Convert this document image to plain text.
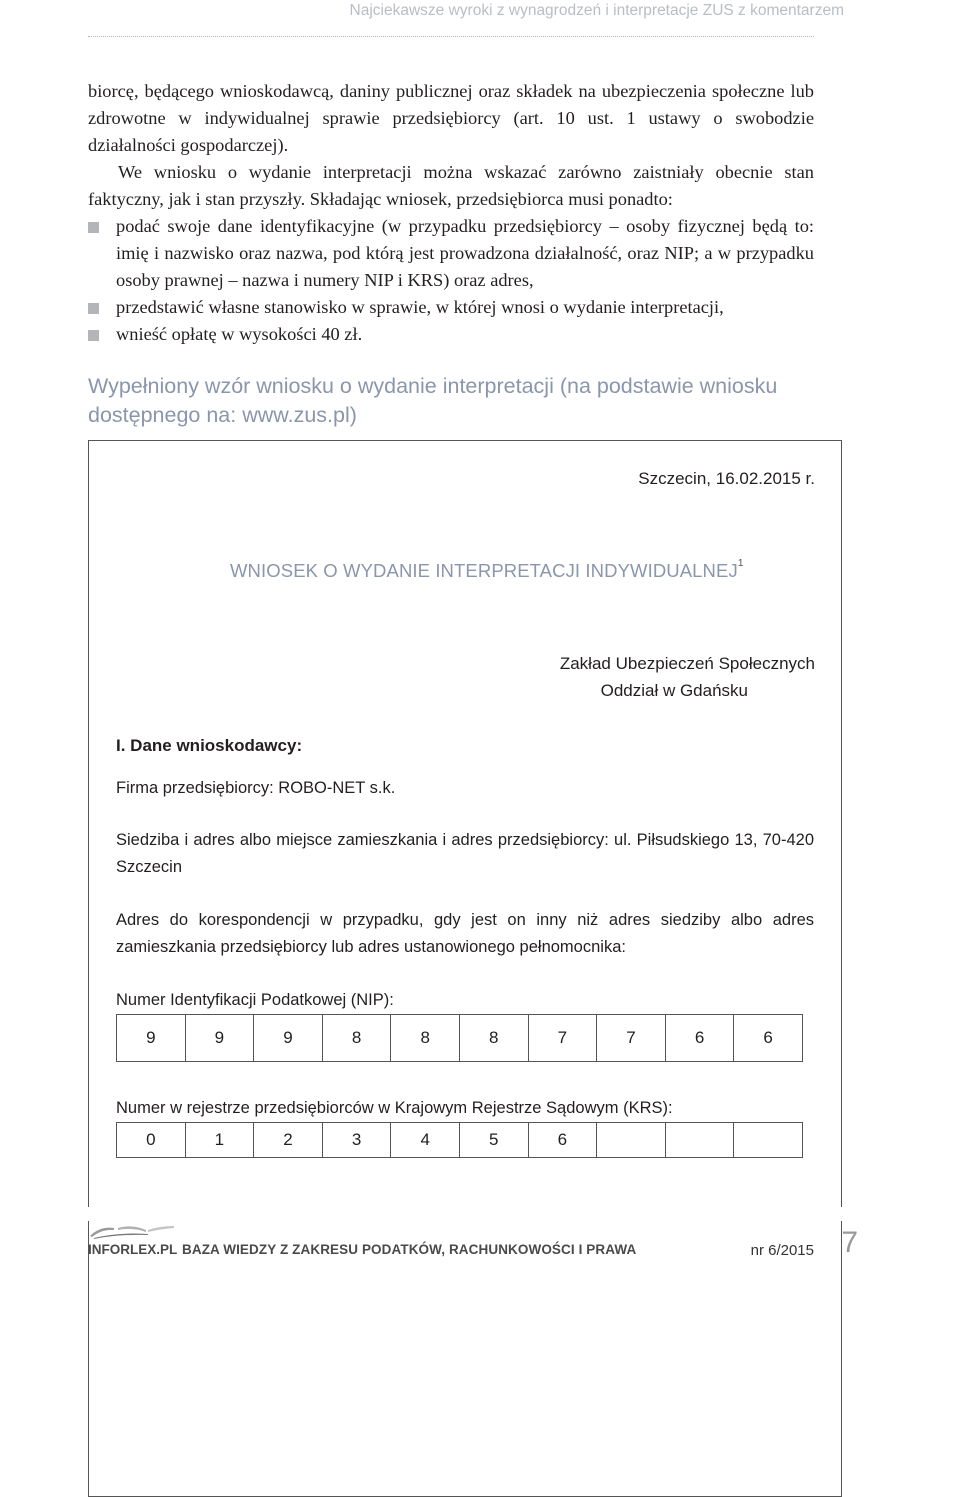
Najciekawsze wyroki z wynagrodzeń i interpretacje ZUS z komentarzem

biorcę, będącego wnioskodawcą, daniny publicznej oraz składek na ubezpieczenia społeczne lub zdrowotne w indywidualnej sprawie przedsiębiorcy (art. 10 ust. 1 ustawy o swobodzie działalności gospodarczej).

We wniosku o wydanie interpretacji można wskazać zarówno zaistniały obecnie stan faktyczny, jak i stan przyszły. Składając wniosek, przedsiębiorca musi ponadto:

podać swoje dane identyfikacyjne (w przypadku przedsiębiorcy – osoby fizycznej będą to: imię i nazwisko oraz nazwa, pod którą jest prowadzona działalność, oraz NIP; a w przypadku osoby prawnej – nazwa i numery NIP i KRS) oraz adres,
przedstawić własne stanowisko w sprawie, w której wnosi o wydanie interpretacji,
wnieść opłatę w wysokości 40 zł.
Wypełniony wzór wniosku o wydanie interpretacji (na podstawie wniosku dostępnego na: www.zus.pl)
Szczecin, 16.02.2015 r.
WNIOSEK O WYDANIE INTERPRETACJI INDYWIDUALNEJ$^1$
Zakład Ubezpieczeń Społecznych
Oddział w Gdańsku
I. Dane wnioskodawcy:
Firma przedsiębiorcy: ROBO-NET s.k.
Siedziba i adres albo miejsce zamieszkania i adres przedsiębiorcy: ul. Piłsudskiego 13, 70-420 Szczecin
Adres do korespondencji w przypadku, gdy jest on inny niż adres siedziby albo adres zamieszkania przedsiębiorcy lub adres ustanowionego pełnomocnika:
Numer Identyfikacji Podatkowej (NIP):
9	9	9	8	8	8	7	7	6	6
Numer w rejestrze przedsiębiorców w Krajowym Rejestrze Sądowym (KRS):
0	1	2	3	4	5	6
INFORLEX.PL BAZA WIEDZY Z ZAKRESU PODATKÓW, RACHUNKOWOŚCI I PRAWA	nr 6/2015 7
